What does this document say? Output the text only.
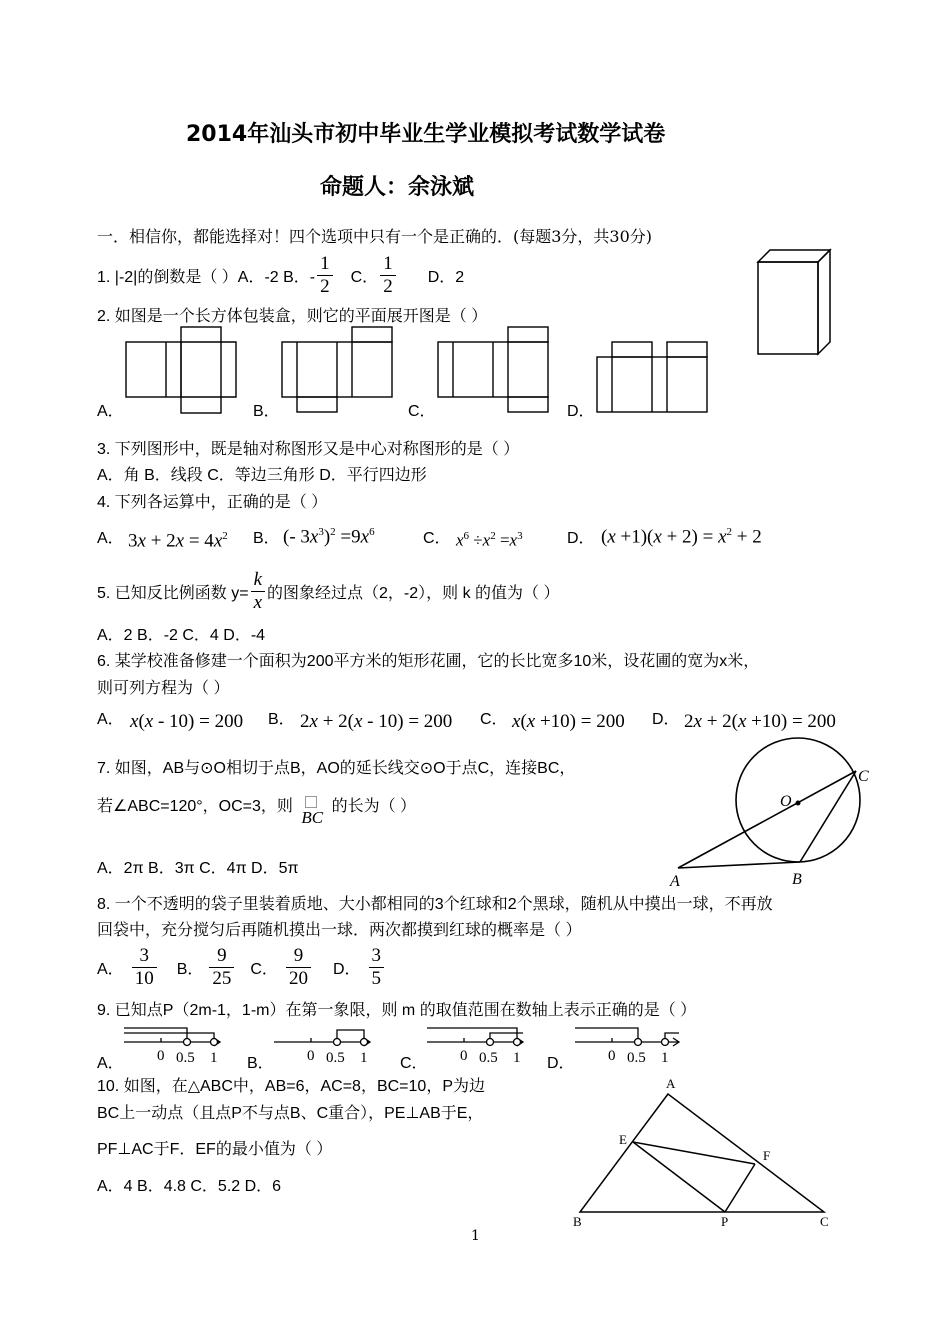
2014年汕头市初中毕业生学业模拟考试数学试卷
命题人：余泳斌
一．相信你，都能选择对！四个选项中只有一个是正确的．(每题3分，共30分)
1. |-2|的倒数是（ ）A．-2 B．- $\frac{1}{2}$ C． $\frac{1}{2}$ D．2
2. 如图是一个长方体包装盒，则它的平面展开图是（ ）
A．	B．	C．	D．
3. 下列图形中，既是轴对称图形又是中心对称图形的是（ ）
A．角 B．线段 C．等边三角形 D．平行四边形
4. 下列各运算中，正确的是（ ）
A． $3x + 2x = 4x^2$ B． (- $3x^3)^2 =9x^6$	C． $x^6 \div x^2 =x^3$	D． $(x +1)(x + 2) = x^2 + 2$
5. 已知反比例函数 $y= \frac{k}{x}$ 的图象经过点（2，-2），则 k 的值为（ ）
A．2 B．-2 C．4 D．-4
6. 某学校准备修建一个面积为200平方米的矩形花圃，它的长比宽多10米，设花圃的宽为x米，
则可列方程为（ ）
A． x(x - 10) = 200 B． 2x + 2(x - 10) = 200 C． x(x +10) = 200 D． 2x + 2(x +10) = 200
7. 如图，AB与⊙O相切于点B，AO的延长线交⊙O于点C，连接BC，
若∠ABC=120°，OC=3，则
BC 的长为（ ）
A．2π B．3π C．4π D．5π
A	B
C
O
8. 一个不透明的袋子里装着质地、大小都相同的3个红球和2个黑球，随机从中摸出一球，不再放
回袋中，充分搅匀后再随机摸出一球．两次都摸到红球的概率是（ ）
A． $\frac{3}{10}$ B． $\frac{9}{25}$ C． $\frac{9}{20}$ D． $\frac{3}{5}$
9. 已知点P（2m-1，1-m）在第一象限，则 m 的取值范围在数轴上表示正确的是（ ）
A．	B．	C．	D．
0 0.5 1	0 0.5 1	0 0.5 1	0 0.5 1
10. 如图，在△ABC中，AB=6，AC=8，BC=10，P为边
BC上一动点（且点P不与点B、C重合），PE⊥AB于E，
PF⊥AC于F．EF的最小值为（ ）
A．4 B．4.8 C．5.2 D．6
A
B	C
E
F
P
1
